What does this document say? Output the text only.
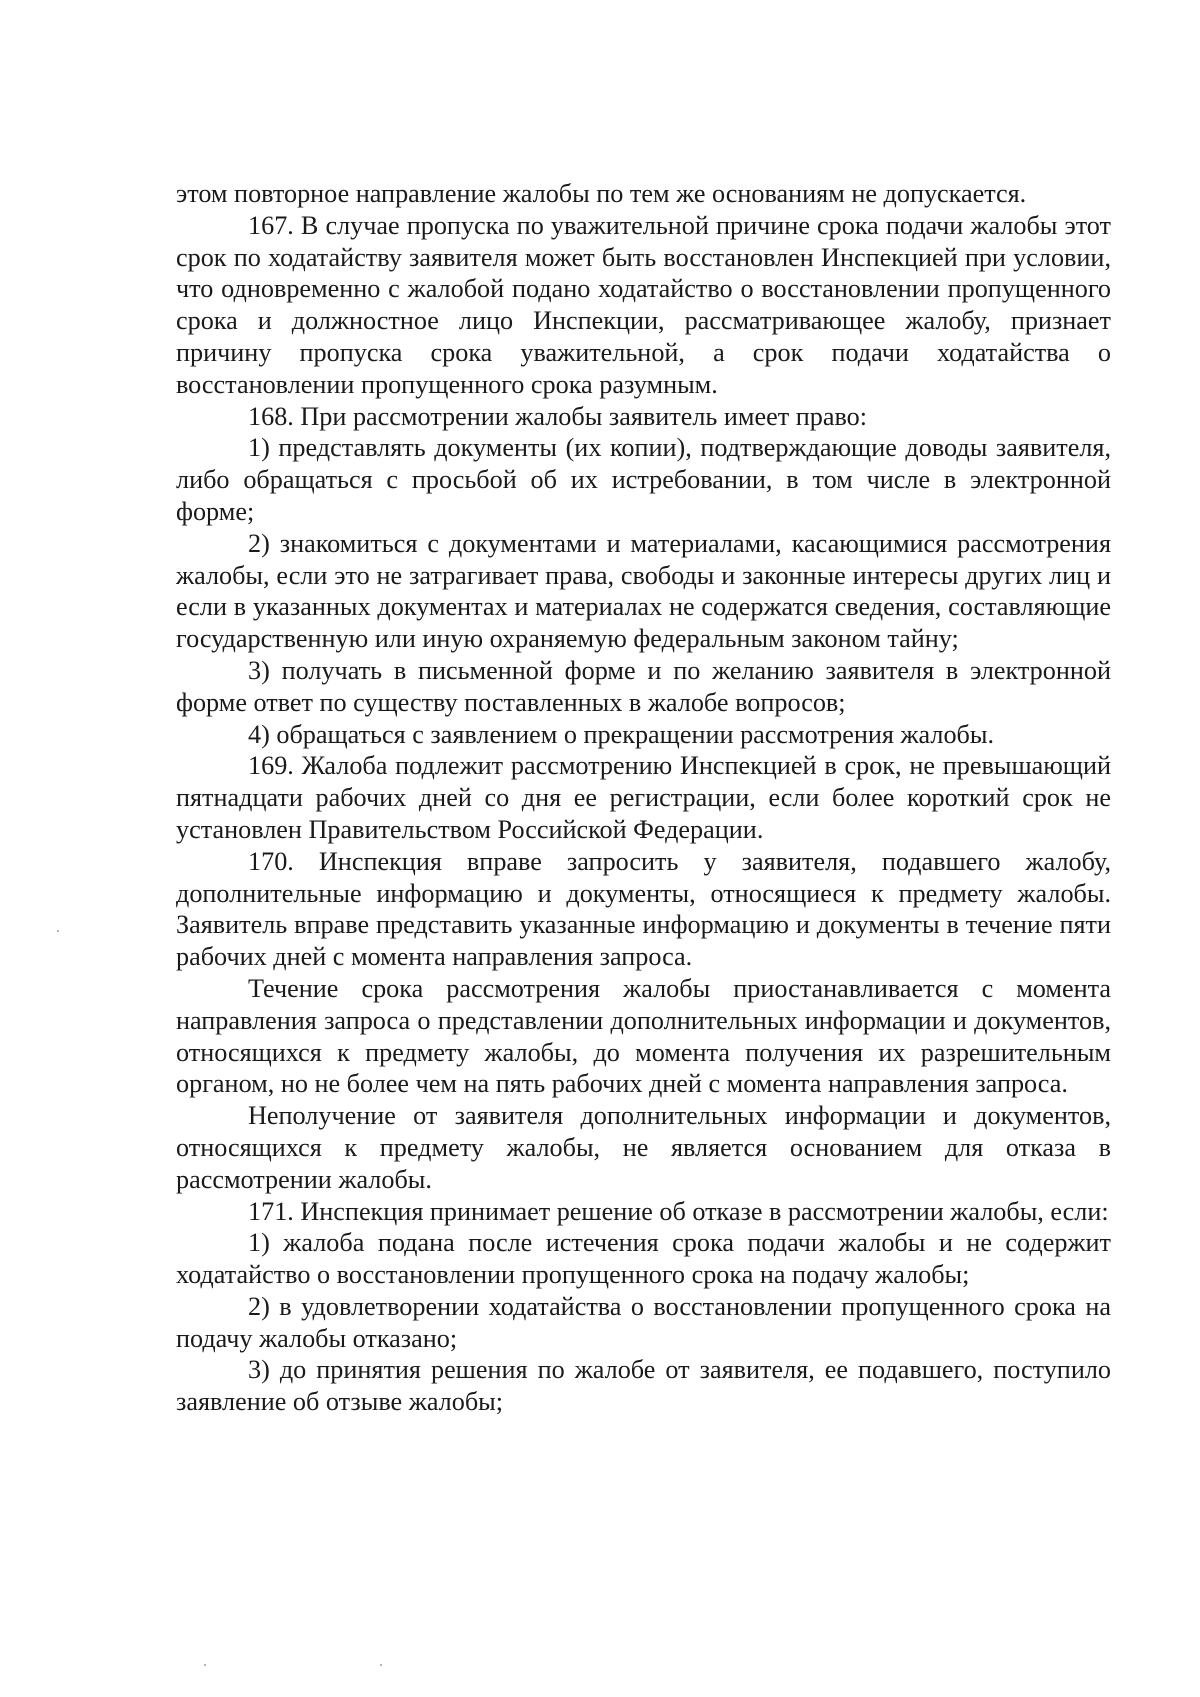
этом повторное направление жалобы по тем же основаниям не допускается.

167. В случае пропуска по уважительной причине срока подачи жалобы этот срок по ходатайству заявителя может быть восстановлен Инспекцией при условии, что одновременно с жалобой подано ходатайство о восстановлении пропущенного срока и должностное лицо Инспекции, рассматривающее жалобу, признает причину пропуска срока уважительной, а срок подачи ходатайства о восстановлении пропущенного срока разумным.

168. При рассмотрении жалобы заявитель имеет право:

1) представлять документы (их копии), подтверждающие доводы заявителя, либо обращаться с просьбой об их истребовании, в том числе в электронной форме;

2) знакомиться с документами и материалами, касающимися рассмотрения жалобы, если это не затрагивает права, свободы и законные интересы других лиц и если в указанных документах и материалах не содержатся сведения, составляющие государственную или иную охраняемую федеральным законом тайну;

3) получать в письменной форме и по желанию заявителя в электронной форме ответ по существу поставленных в жалобе вопросов;

4) обращаться с заявлением о прекращении рассмотрения жалобы.

169. Жалоба подлежит рассмотрению Инспекцией в срок, не превышающий пятнадцати рабочих дней со дня ее регистрации, если более короткий срок не установлен Правительством Российской Федерации.

170. Инспекция вправе запросить у заявителя, подавшего жалобу, дополнительные информацию и документы, относящиеся к предмету жалобы. Заявитель вправе представить указанные информацию и документы в течение пяти рабочих дней с момента направления запроса.

Течение срока рассмотрения жалобы приостанавливается с момента направления запроса о представлении дополнительных информации и документов, относящихся к предмету жалобы, до момента получения их разрешительным органом, но не более чем на пять рабочих дней с момента направления запроса.

Неполучение от заявителя дополнительных информации и документов, относящихся к предмету жалобы, не является основанием для отказа в рассмотрении жалобы.

171. Инспекция принимает решение об отказе в рассмотрении жалобы, если:

1) жалоба подана после истечения срока подачи жалобы и не содержит ходатайство о восстановлении пропущенного срока на подачу жалобы;

2) в удовлетворении ходатайства о восстановлении пропущенного срока на подачу жалобы отказано;

3) до принятия решения по жалобе от заявителя, ее подавшего, поступило заявление об отзыве жалобы;
